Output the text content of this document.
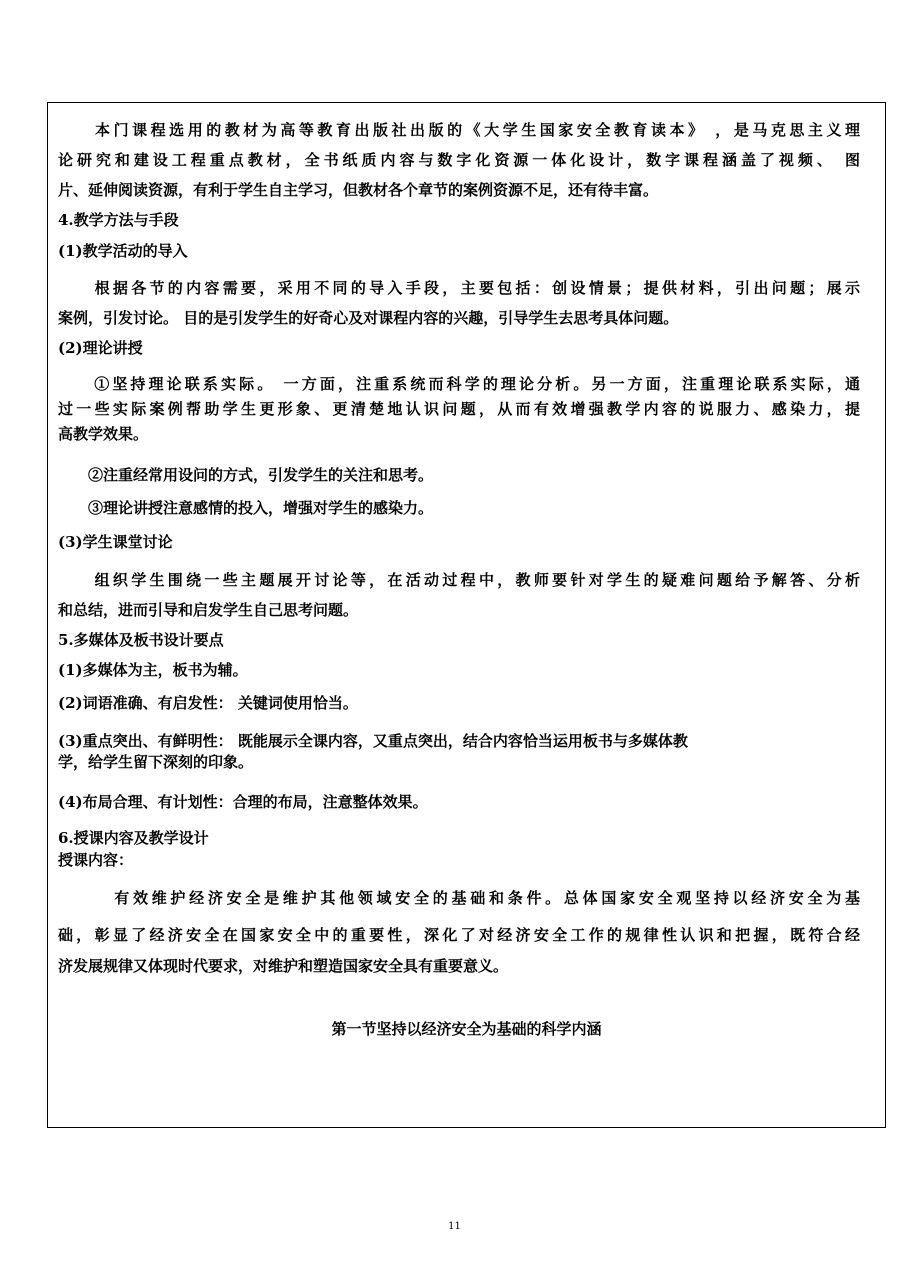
　　本门课程选用的教材为高等教育出版社出版的《大学生国家安全教育读本》 ，是马克思主义理
论研究和建设工程重点教材，全书纸质内容与数字化资源一体化设计，数字课程涵盖了视频、 图
片、延伸阅读资源，有利于学生自主学习，但教材各个章节的案例资源不足，还有待丰富。
4.教学方法与手段
(1)教学活动的导入
　　根据各节的内容需要，采用不同的导入手段，主要包括：创设情景；提供材料，引出问题；展示
案例，引发讨论。 目的是引发学生的好奇心及对课程内容的兴趣，引导学生去思考具体问题。
(2)理论讲授
　　①坚持理论联系实际。 一方面，注重系统而科学的理论分析。另一方面，注重理论联系实际，通
过一些实际案例帮助学生更形象、更清楚地认识问题，从而有效增强教学内容的说服力、感染力，提
高教学效果。
　　②注重经常用设问的方式，引发学生的关注和思考。
　　③理论讲授注意感情的投入，增强对学生的感染力。
(3)学生课堂讨论
　　组织学生围绕一些主题展开讨论等，在活动过程中，教师要针对学生的疑难问题给予解答、分析
和总结，进而引导和启发学生自己思考问题。
5.多媒体及板书设计要点
(1)多媒体为主，板书为辅。
(2)词语准确、有启发性： 关键词使用恰当。
(3)重点突出、有鲜明性： 既能展示全课内容，又重点突出，结合内容恰当运用板书与多媒体教
学，给学生留下深刻的印象。
(4)布局合理、有计划性：合理的布局，注意整体效果。
6.授课内容及教学设计
授课内容：
　　　有效维护经济安全是维护其他领域安全的基础和条件。总体国家安全观坚持以经济安全为基
础，彰显了经济安全在国家安全中的重要性，深化了对经济安全工作的规律性认识和把握，既符合经
济发展规律又体现时代要求，对维护和塑造国家安全具有重要意义。
第一节坚持以经济安全为基础的科学内涵
11
